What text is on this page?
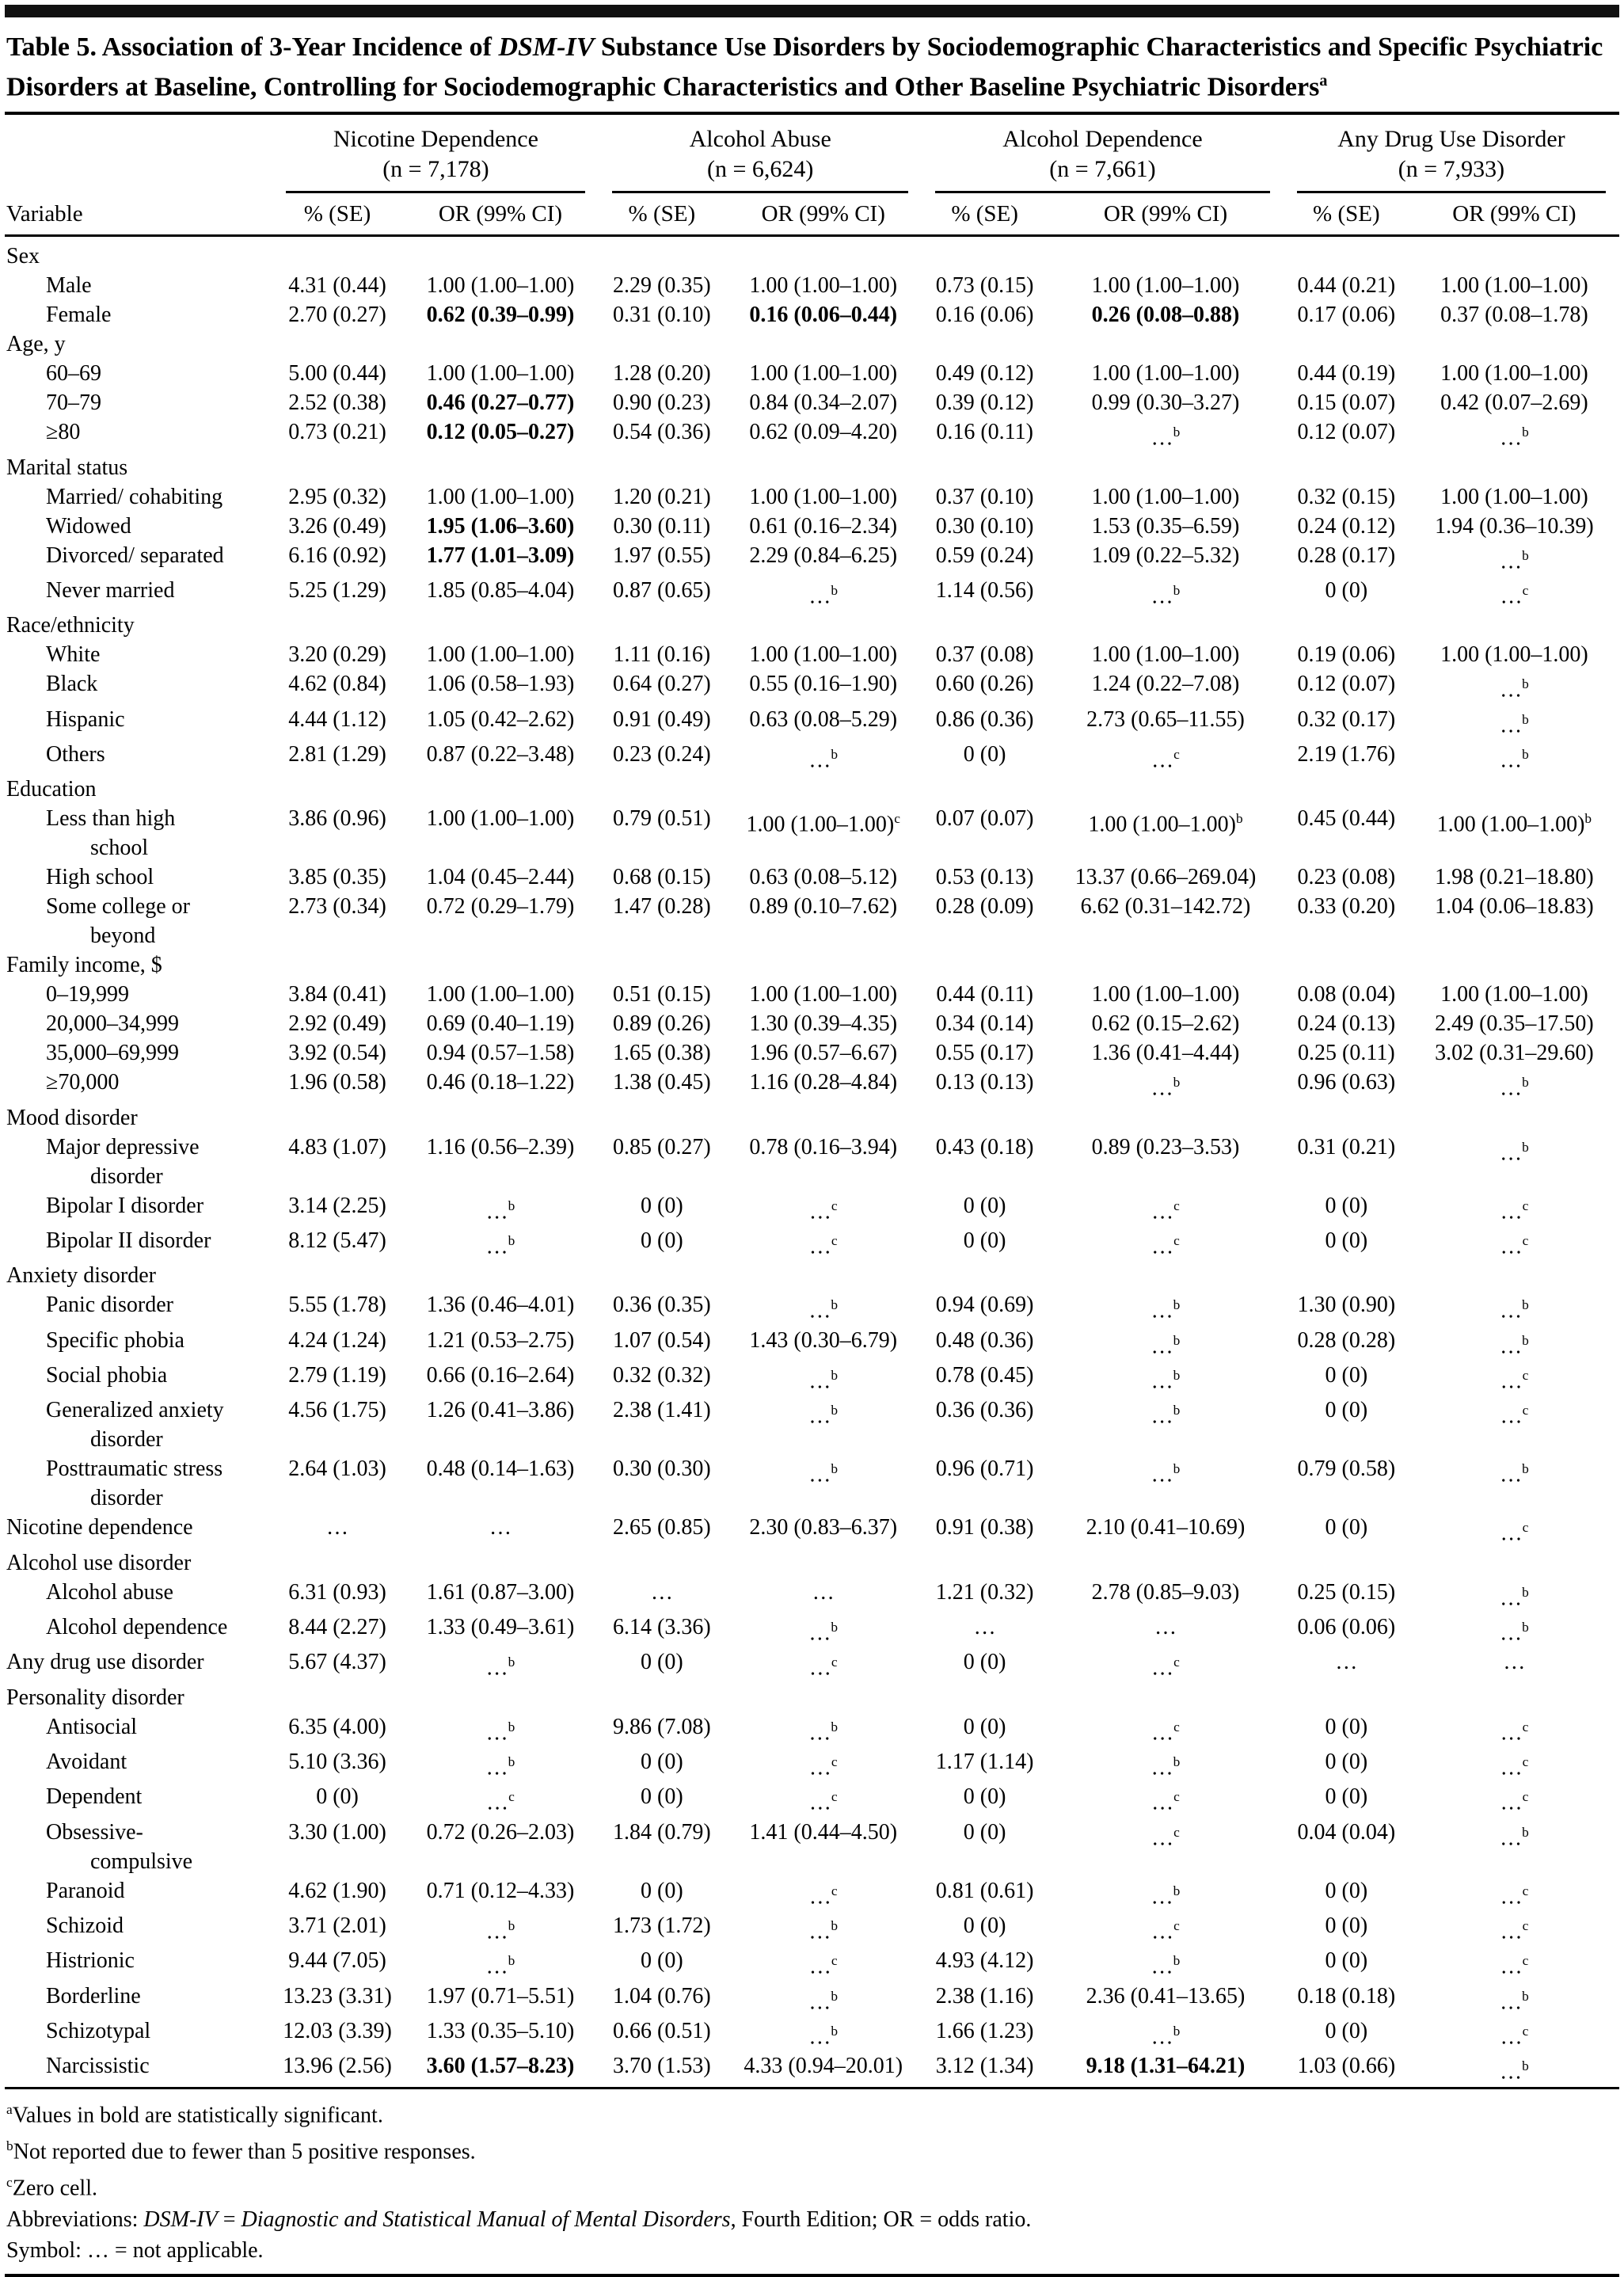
Table 5. Association of 3-Year Incidence of DSM-IV Substance Use Disorders by Sociodemographic Characteristics and Specific Psychiatric Disorders at Baseline, Controlling for Sociodemographic Characteristics and Other Baseline Psychiatric Disorders$^a$
Variable	
Nicotine Dependence
(n = 7,178)

Alcohol Abuse
(n = 6,624)

Alcohol Dependence
(n = 7,661)

Any Drug Use Disorder
(n = 7,933)

	% (SE)	OR (99% CI)	% (SE)	OR (99% CI)	% (SE)	OR (99% CI)	% (SE)	OR (99% CI)
Sex								
Male	4.31 (0.44)	1.00 (1.00–1.00)	2.29 (0.35)	1.00 (1.00–1.00)	0.73 (0.15)	1.00 (1.00–1.00)	0.44 (0.21)	1.00 (1.00–1.00)
Female	2.70 (0.27)	0.62 (0.39–0.99)	0.31 (0.10)	0.16 (0.06–0.44)	0.16 (0.06)	0.26 (0.08–0.88)	0.17 (0.06)	0.37 (0.08–1.78)
Age, y								
60–69	5.00 (0.44)	1.00 (1.00–1.00)	1.28 (0.20)	1.00 (1.00–1.00)	0.49 (0.12)	1.00 (1.00–1.00)	0.44 (0.19)	1.00 (1.00–1.00)
70–79	2.52 (0.38)	0.46 (0.27–0.77)	0.90 (0.23)	0.84 (0.34–2.07)	0.39 (0.12)	0.99 (0.30–3.27)	0.15 (0.07)	0.42 (0.07–2.69)
≥80	0.73 (0.21)	0.12 (0.05–0.27)	0.54 (0.36)	0.62 (0.09–4.20)	0.16 (0.11)	…$^b$	0.12 (0.07)	…$^b$
Marital status								
Married/ cohabiting	2.95 (0.32)	1.00 (1.00–1.00)	1.20 (0.21)	1.00 (1.00–1.00)	0.37 (0.10)	1.00 (1.00–1.00)	0.32 (0.15)	1.00 (1.00–1.00)
Widowed	3.26 (0.49)	1.95 (1.06–3.60)	0.30 (0.11)	0.61 (0.16–2.34)	0.30 (0.10)	1.53 (0.35–6.59)	0.24 (0.12)	1.94 (0.36–10.39)
Divorced/ separated	6.16 (0.92)	1.77 (1.01–3.09)	1.97 (0.55)	2.29 (0.84–6.25)	0.59 (0.24)	1.09 (0.22–5.32)	0.28 (0.17)	…$^b$
Never married	5.25 (1.29)	1.85 (0.85–4.04)	0.87 (0.65)	…$^b$	1.14 (0.56)	…$^b$	0 (0)	…$^c$
Race/ethnicity								
White	3.20 (0.29)	1.00 (1.00–1.00)	1.11 (0.16)	1.00 (1.00–1.00)	0.37 (0.08)	1.00 (1.00–1.00)	0.19 (0.06)	1.00 (1.00–1.00)
Black	4.62 (0.84)	1.06 (0.58–1.93)	0.64 (0.27)	0.55 (0.16–1.90)	0.60 (0.26)	1.24 (0.22–7.08)	0.12 (0.07)	…$^b$
Hispanic	4.44 (1.12)	1.05 (0.42–2.62)	0.91 (0.49)	0.63 (0.08–5.29)	0.86 (0.36)	2.73 (0.65–11.55)	0.32 (0.17)	…$^b$
Others	2.81 (1.29)	0.87 (0.22–3.48)	0.23 (0.24)	…$^b$	0 (0)	…$^c$	2.19 (1.76)	…$^b$
Education								
Less than high
school	3.86 (0.96)	1.00 (1.00–1.00)	0.79 (0.51)	1.00 $(1.00-1.00)^c$	0.07 (0.07)	1.00 $(1.00-1.00)^b$	0.45 (0.44)	1.00 $(1.00-1.00)^b$
High school	3.85 (0.35)	1.04 (0.45–2.44)	0.68 (0.15)	0.63 (0.08–5.12)	0.53 (0.13)	13.37 (0.66–269.04)	0.23 (0.08)	1.98 (0.21–18.80)
Some college or
beyond	2.73 (0.34)	0.72 (0.29–1.79)	1.47 (0.28)	0.89 (0.10–7.62)	0.28 (0.09)	6.62 (0.31–142.72)	0.33 (0.20)	1.04 (0.06–18.83)
Family income, $								
0–19,999	3.84 (0.41)	1.00 (1.00–1.00)	0.51 (0.15)	1.00 (1.00–1.00)	0.44 (0.11)	1.00 (1.00–1.00)	0.08 (0.04)	1.00 (1.00–1.00)
20,000–34,999	2.92 (0.49)	0.69 (0.40–1.19)	0.89 (0.26)	1.30 (0.39–4.35)	0.34 (0.14)	0.62 (0.15–2.62)	0.24 (0.13)	2.49 (0.35–17.50)
35,000–69,999	3.92 (0.54)	0.94 (0.57–1.58)	1.65 (0.38)	1.96 (0.57–6.67)	0.55 (0.17)	1.36 (0.41–4.44)	0.25 (0.11)	3.02 (0.31–29.60)
≥70,000	1.96 (0.58)	0.46 (0.18–1.22)	1.38 (0.45)	1.16 (0.28–4.84)	0.13 (0.13)	…$^b$	0.96 (0.63)	…$^b$
Mood disorder								
Major depressive
disorder	4.83 (1.07)	1.16 (0.56–2.39)	0.85 (0.27)	0.78 (0.16–3.94)	0.43 (0.18)	0.89 (0.23–3.53)	0.31 (0.21)	…$^b$
Bipolar I disorder	3.14 (2.25)	…$^b$	0 (0)	…$^c$	0 (0)	…$^c$	0 (0)	…$^c$
Bipolar II disorder	8.12 (5.47)	…$^b$	0 (0)	…$^c$	0 (0)	…$^c$	0 (0)	…$^c$
Anxiety disorder								
Panic disorder	5.55 (1.78)	1.36 (0.46–4.01)	0.36 (0.35)	…$^b$	0.94 (0.69)	…$^b$	1.30 (0.90)	…$^b$
Specific phobia	4.24 (1.24)	1.21 (0.53–2.75)	1.07 (0.54)	1.43 (0.30–6.79)	0.48 (0.36)	…$^b$	0.28 (0.28)	…$^b$
Social phobia	2.79 (1.19)	0.66 (0.16–2.64)	0.32 (0.32)	…$^b$	0.78 (0.45)	…$^b$	0 (0)	…$^c$
Generalized anxiety
disorder	4.56 (1.75)	1.26 (0.41–3.86)	2.38 (1.41)	…$^b$	0.36 (0.36)	…$^b$	0 (0)	…$^c$
Posttraumatic stress
disorder	2.64 (1.03)	0.48 (0.14–1.63)	0.30 (0.30)	…$^b$	0.96 (0.71)	…$^b$	0.79 (0.58)	…$^b$
Nicotine dependence	…	…	2.65 (0.85)	2.30 (0.83–6.37)	0.91 (0.38)	2.10 (0.41–10.69)	0 (0)	…$^c$
Alcohol use disorder								
Alcohol abuse	6.31 (0.93)	1.61 (0.87–3.00)	…	…	1.21 (0.32)	2.78 (0.85–9.03)	0.25 (0.15)	…$^b$
Alcohol dependence	8.44 (2.27)	1.33 (0.49–3.61)	6.14 (3.36)	…$^b$	…	…	0.06 (0.06)	…$^b$
Any drug use disorder	5.67 (4.37)	…$^b$	0 (0)	…$^c$	0 (0)	…$^c$	…	…
Personality disorder								
Antisocial	6.35 (4.00)	…$^b$	9.86 (7.08)	…$^b$	0 (0)	…$^c$	0 (0)	…$^c$
Avoidant	5.10 (3.36)	…$^b$	0 (0)	…$^c$	1.17 (1.14)	…$^b$	0 (0)	…$^c$
Dependent	0 (0)	…$^c$	0 (0)	…$^c$	0 (0)	…$^c$	0 (0)	…$^c$
Obsessive-
compulsive	3.30 (1.00)	0.72 (0.26–2.03)	1.84 (0.79)	1.41 (0.44–4.50)	0 (0)	…$^c$	0.04 (0.04)	…$^b$
Paranoid	4.62 (1.90)	0.71 (0.12–4.33)	0 (0)	…$^c$	0.81 (0.61)	…$^b$	0 (0)	…$^c$
Schizoid	3.71 (2.01)	…$^b$	1.73 (1.72)	…$^b$	0 (0)	…$^c$	0 (0)	…$^c$
Histrionic	9.44 (7.05)	…$^b$	0 (0)	…$^c$	4.93 (4.12)	…$^b$	0 (0)	…$^c$
Borderline	13.23 (3.31)	1.97 (0.71–5.51)	1.04 (0.76)	…$^b$	2.38 (1.16)	2.36 (0.41–13.65)	0.18 (0.18)	…$^b$
Schizotypal	12.03 (3.39)	1.33 (0.35–5.10)	0.66 (0.51)	…$^b$	1.66 (1.23)	…$^b$	0 (0)	…$^c$
Narcissistic	13.96 (2.56)	3.60 (1.57–8.23)	3.70 (1.53)	4.33 (0.94–20.01)	3.12 (1.34)	9.18 (1.31–64.21)	1.03 (0.66)	…$^b$
$^a$Values in bold are statistically significant.
$^b$Not reported due to fewer than 5 positive responses.
$^c$Zero cell.
Abbreviations: DSM-IV = Diagnostic and Statistical Manual of Mental Disorders, Fourth Edition; OR = odds ratio.
Symbol: … = not applicable.
